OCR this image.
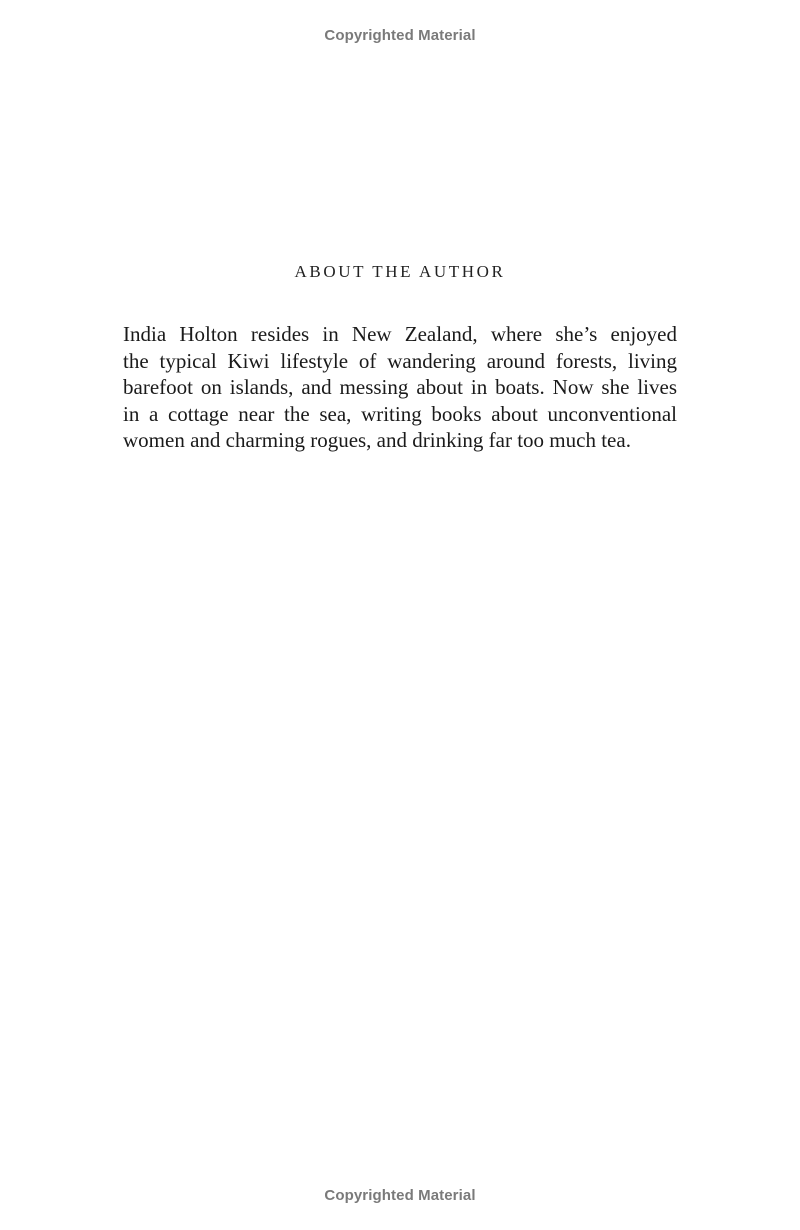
Copyrighted Material
ABOUT THE AUTHOR

India Holton resides in New Zealand, where she’s enjoyed
the typical Kiwi lifestyle of wandering around forests, living
barefoot on islands, and messing about in boats. Now she lives
in a cottage near the sea, writing books about unconventional
women and charming rogues, and drinking far too much tea.

Copyrighted Material
